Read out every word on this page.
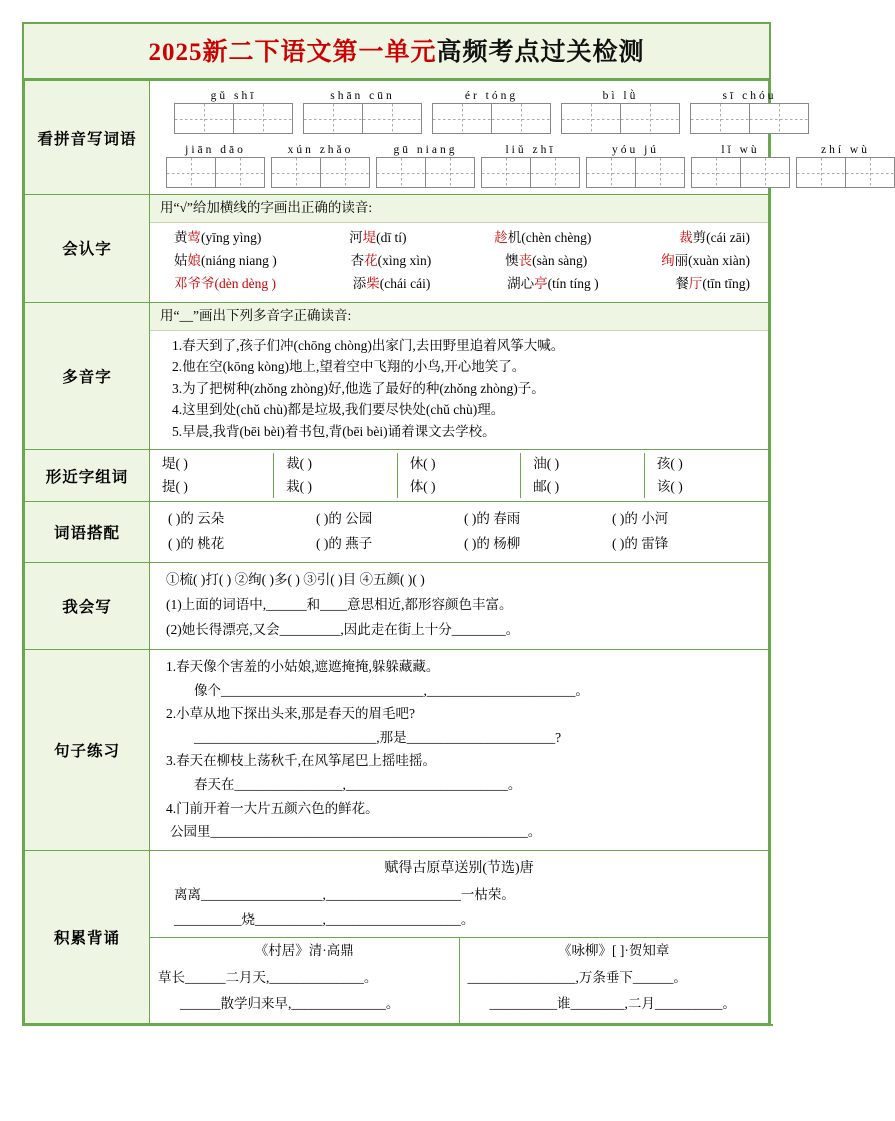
2025新二下语文第一单元高频考点过关检测
看拼音写词语	
gǔ shī	shān cūn	ér tóng	bì lǜ	sī chóu
jiān dāo	xún zhǎo	gū niang	liǔ zhī	yóu jú	lǐ wù	zhí wù

会认字	
用“√”给加横线的字画出正确的读音:
黄莺(yīng yìng)	河堤(dī tí)	趁机(chèn chèng)	裁剪(cái zāi)
姑娘(niáng niang )	杏花(xìng xìn)	懊丧(sàn sàng)	绚丽(xuàn xiàn)
邓爷爷(dèn dèng )	添柴(chái cái)	湖心亭(tín tíng )	餐厅(tīn tīng)

多音字	
用“__”画出下列多音字正确读音:
1.春天到了,孩子们冲(chōng chòng)出家门,去田野里追着风筝大喊。
2.他在空(kōng kòng)地上,望着空中飞翔的小鸟,开心地笑了。
3.为了把树种(zhǒng zhòng)好,他选了最好的种(zhǒng zhòng)子。
4.这里到处(chǔ chù)都是垃圾,我们要尽快处(chǔ chù)理。
5.早晨,我背(bēi bèi)着书包,背(bēi bèi)诵着课文去学校。

形近字组词	
堤( )	裁( )	休( )	油( )	孩( )
提( )	栽( )	体( )	邮( )	该( )

词语搭配	
( )的 云朵	( )的 公园	( )的 春雨	( )的 小河
( )的 桃花	( )的 燕子	( )的 杨柳	( )的 雷锋

我会写	
①梳( )打( ) ②绚( )多( ) ③引( )目 ④五颜( )( )
(1)上面的词语中,______和____意思相近,都形容颜色丰富。
(2)她长得漂亮,又会_________,因此走在街上十分________。

句子练习	
1.春天像个害羞的小姑娘,遮遮掩掩,躲躲藏藏。
像个______________________________,______________________。
2.小草从地下探出头来,那是春天的眉毛吧?
___________________________,那是______________________?
3.春天在柳枝上荡秋千,在风筝尾巴上摇哇摇。
春天在________________,________________________。
4.门前开着一大片五颜六色的鲜花。
公园里_______________________________________________。

积累背诵	
赋得古原草送别(节选)唐
离离__________________,____________________一枯荣。
__________烧__________,____________________。
《村居》清·高鼎
草长______二月天,______________。
______散学归来早,______________。

《咏柳》[ ]·贺知章
________________,万条垂下______。
__________谁________,二月__________。
